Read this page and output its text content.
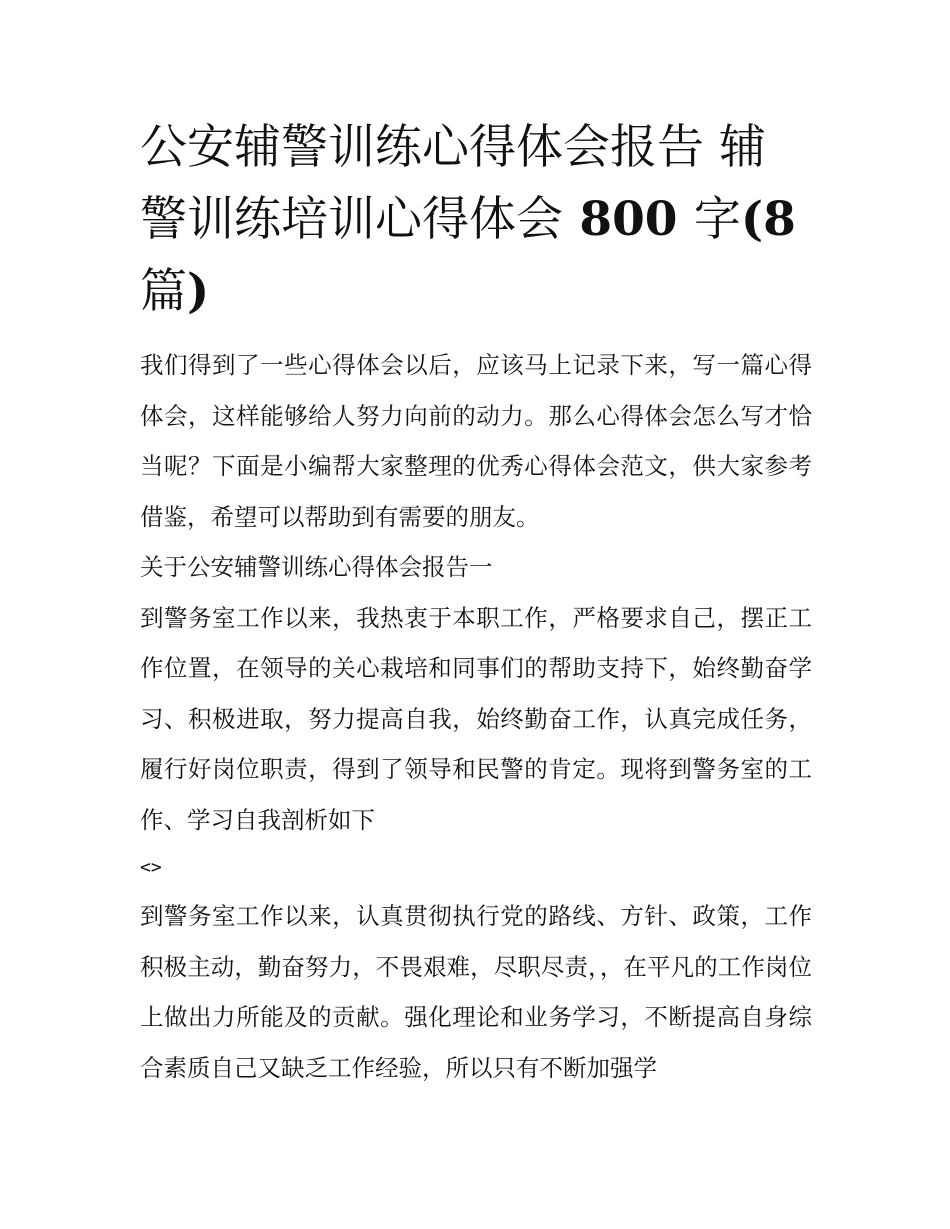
公安辅警训练心得体会报告 辅警训练培训心得体会 800 字(8篇)

我们得到了一些心得体会以后，应该马上记录下来，写一篇心得体会，这样能够给人努力向前的动力。那么心得体会怎么写才恰当呢？下面是小编帮大家整理的优秀心得体会范文，供大家参考借鉴，希望可以帮助到有需要的朋友。

关于公安辅警训练心得体会报告一

到警务室工作以来，我热衷于本职工作，严格要求自己，摆正工作位置，在领导的关心栽培和同事们的帮助支持下，始终勤奋学习、积极进取，努力提高自我，始终勤奋工作，认真完成任务，履行好岗位职责，得到了领导和民警的肯定。现将到警务室的工作、学习自我剖析如下

<>

到警务室工作以来，认真贯彻执行党的路线、方针、政策，工作积极主动，勤奋努力，不畏艰难，尽职尽责，，在平凡的工作岗位上做出力所能及的贡献。强化理论和业务学习，不断提高自身综合素质自己又缺乏工作经验，所以只有不断加强学
